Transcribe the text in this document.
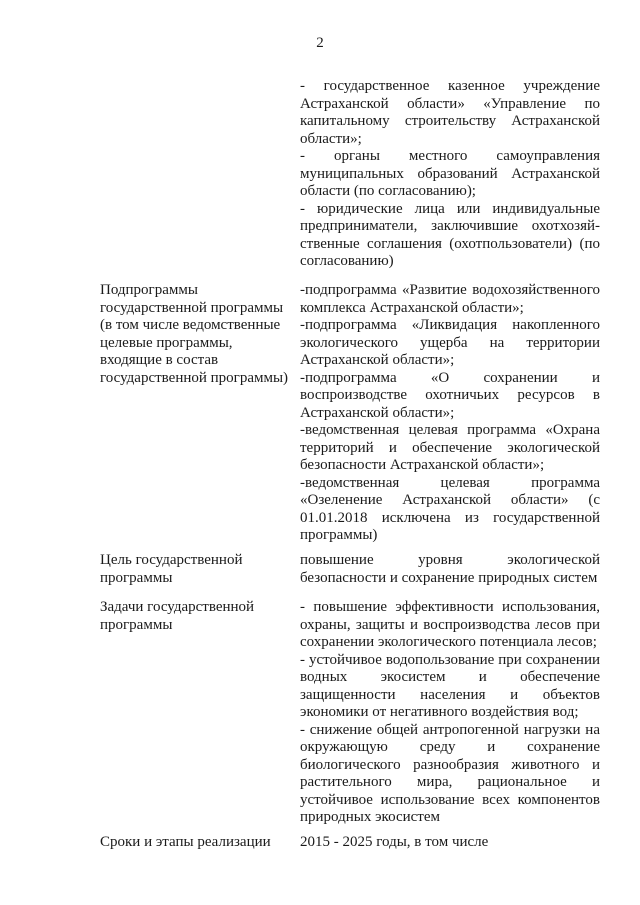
2
- государственное казенное учреждение
Астраханской области» «Управление по
капитальному строительству Астраханской
области»;
- органы местного самоуправления
муниципальных образований Астраханской
области (по согласованию);
- юридические лица или индивидуальные
предприниматели, заключившие охотхозяй-
ственные соглашения (охотпользователи) (по
согласованию)
Подпрограммы
государственной программы
(в том числе ведомственные
целевые программы,
входящие в состав
государственной программы)
-подпрограмма «Развитие водохозяйственного
комплекса Астраханской области»;
-подпрограмма «Ликвидация накопленного
экологического ущерба на территории
Астраханской области»;
-подпрограмма «О сохранении и
воспроизводстве охотничьих ресурсов в
Астраханской области»;
-ведомственная целевая программа «Охрана
территорий и обеспечение экологической
безопасности Астраханской области»;
-ведомственная целевая программа
«Озеленение Астраханской области» (с
01.01.2018 исключена из государственной
программы)
Цель государственной
программы
повышение уровня экологической
безопасности и сохранение природных систем
Задачи государственной
программы
- повышение эффективности использования,
охраны, защиты и воспроизводства лесов при
сохранении экологического потенциала лесов;
- устойчивое водопользование при сохранении
водных экосистем и обеспечение
защищенности населения и объектов
экономики от негативного воздействия вод;
- снижение общей антропогенной нагрузки на
окружающую среду и сохранение
биологического разнообразия животного и
растительного мира, рациональное и
устойчивое использование всех компонентов
природных экосистем
Сроки и этапы реализации	2015 - 2025 годы, в том числе
